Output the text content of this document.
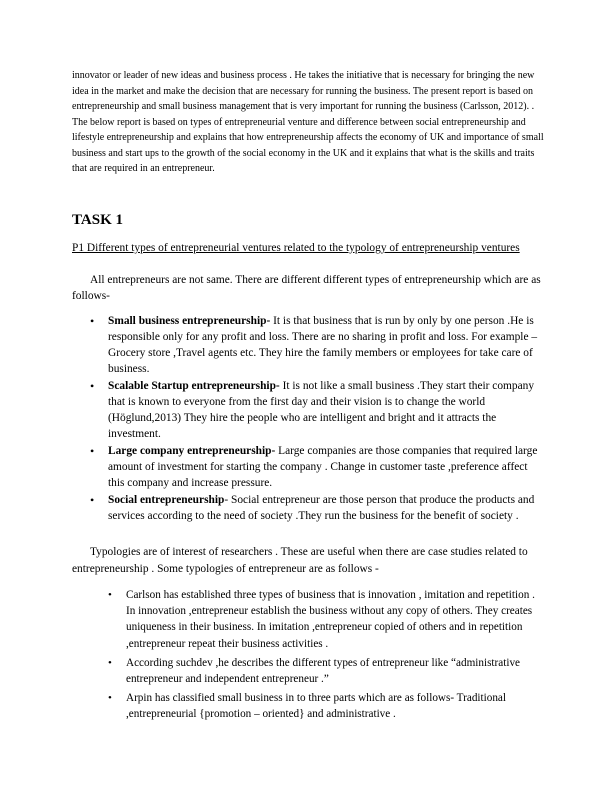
innovator or leader of new ideas and business process . He takes the initiative that is necessary for bringing the new idea in the market and make the decision that are necessary for running the business. The present report is based on entrepreneurship and small business management that is very important for running the business (Carlsson, 2012). . The below report is based on types of entrepreneurial venture and difference between social entrepreneurship and lifestyle entrepreneurship and explains that how entrepreneurship affects the economy of UK and importance of small business and start ups to the growth of the social economy in the UK and it explains that what is the skills and traits that are required in an entrepreneur.

TASK 1

P1 Different types of entrepreneurial ventures related to the typology of entrepreneurship ventures

All entrepreneurs are not same. There are different different types of entrepreneurship which are as follows-

• Small business entrepreneurship- It is that business that is run by only by one person .He is responsible only for any profit and loss. There are no sharing in profit and loss. For example – Grocery store ,Travel agents etc. They hire the family members or employees for take care of business.
• Scalable Startup entrepreneurship- It is not like a small business .They start their company that is known to everyone from the first day and their vision is to change the world (Höglund,2013) They hire the people who are intelligent and bright and it attracts the investment.
• Large company entrepreneurship- Large companies are those companies that required large amount of investment for starting the company . Change in customer taste ,preference affect this company and increase pressure.
• Social entrepreneurship- Social entrepreneur are those person that produce the products and services according to the need of society .They run the business for the benefit of society .

Typologies are of interest of researchers . These are useful when there are case studies related to entrepreneurship . Some typologies of entrepreneur are as follows -

• Carlson has established three types of business that is innovation , imitation and repetition . In innovation ,entrepreneur establish the business without any copy of others. They creates uniqueness in their business. In imitation ,entrepreneur copied of others and in repetition ,entrepreneur repeat their business activities .
• According suchdev ,he describes the different types of entrepreneur like “administrative entrepreneur and independent entrepreneur .”
• Arpin has classified small business in to three parts which are as follows- Traditional ,entrepreneurial {promotion – oriented} and administrative .
